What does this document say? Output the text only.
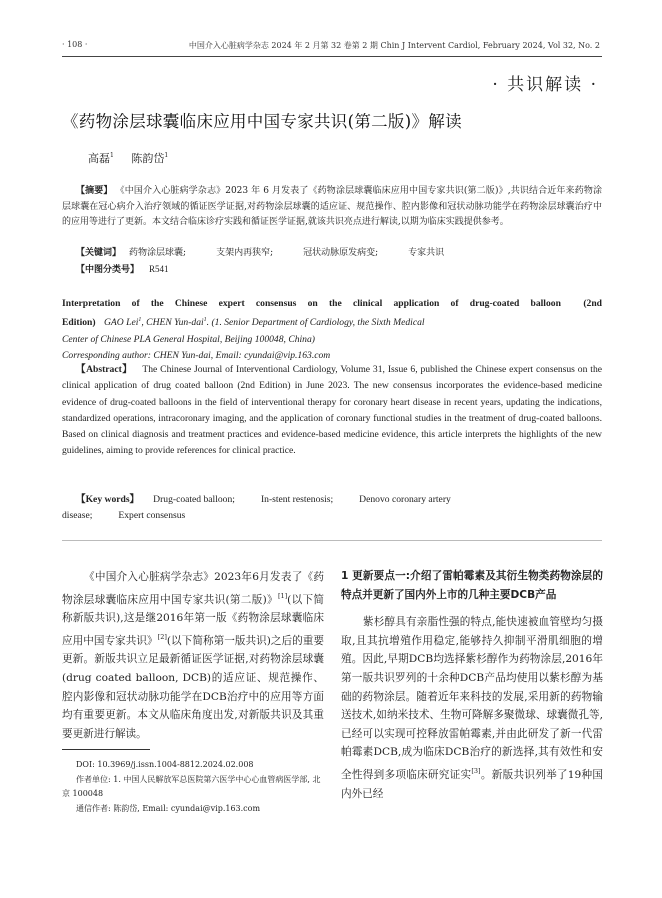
· 108 ·	中国介入心脏病学杂志 2024 年 2 月第 32 卷第 2 期 Chin J Intervent Cardiol, February 2024, Vol 32, No. 2
· 共识解读 ·
《药物涂层球囊临床应用中国专家共识(第二版)》解读
高磊$^1$ 陈韵岱$^1$
【摘要】 《中国介入心脏病学杂志》2023 年 6 月发表了《药物涂层球囊临床应用中国专家共识(第二版)》,共识结合近年来药物涂层球囊在冠心病介入治疗领域的循证医学证据,对药物涂层球囊的适应证、规范操作、腔内影像和冠状动脉功能学在药物涂层球囊治疗中的应用等进行了更新。本文结合临床诊疗实践和循证医学证据,就该共识亮点进行解读,以期为临床实践提供参考。
【关键词】 药物涂层球囊;	支架内再狭窄;	冠状动脉原发病变;	专家共识
【中图分类号】 R541
Interpretation of the Chinese expert consensus on the clinical application of drug-coated balloon  (2nd
Edition) GAO Lei$^1$, CHEN Yun-dai$^1$. (1. Senior Department of Cardiology, the Sixth Medical
Center of Chinese PLA General Hospital, Beijing 100048, China)
Corresponding author: CHEN Yun-dai, Email: cyundai@vip.163.com
【Abstract】 The Chinese Journal of Interventional Cardiology, Volume 31, Issue 6, published the Chinese expert consensus on the clinical application of drug coated balloon (2nd Edition) in June 2023. The new consensus incorporates the evidence-based medicine evidence of drug-coated balloons in the field of interventional therapy for coronary heart disease in recent years, updating the indications, standardized operations, intracoronary imaging, and the application of coronary functional studies in the treatment of drug-coated balloons. Based on clinical diagnosis and treatment practices and evidence-based medicine evidence, this article interprets the highlights of the new guidelines, aiming to provide references for clinical practice.
【Key words】 Drug-coated balloon;	In-stent restenosis;	Denovo coronary artery
disease;	Expert consensus

《中国介入心脏病学杂志》2023年6月发表了《药物涂层球囊临床应用中国专家共识(第二版)》[1](以下简称新版共识),这是继2016年第一版《药物涂层球囊临床应用中国专家共识》[2](以下简称第一版共识)之后的重要更新。新版共识立足最新循证医学证据,对药物涂层球囊(drug coated balloon, DCB)的适应证、规范操作、腔内影像和冠状动脉功能学在DCB治疗中的应用等方面均有重要更新。本文从临床角度出发,对新版共识及其重要更新进行解读。

DOI: 10.3969/j.issn.1004-8812.2024.02.008
作者单位: 1. 中国人民解放军总医院第六医学中心心血管病医学部, 北京 100048
通信作者: 陈韵岱, Email: cyundai@vip.163.com
1 更新要点一:介绍了雷帕霉素及其衍生物类药物涂层的特点并更新了国内外上市的几种主要DCB产品

紫杉醇具有亲脂性强的特点,能快速被血管壁均匀摄取,且其抗增殖作用稳定,能够持久抑制平滑肌细胞的增殖。因此,早期DCB均选择紫杉醇作为药物涂层,2016年第一版共识罗列的十余种DCB产品均使用以紫杉醇为基础的药物涂层。随着近年来科技的发展,采用新的药物输送技术,如纳米技术、生物可降解多聚微球、球囊微孔等,已经可以实现可控释放雷帕霉素,并由此研发了新一代雷帕霉素DCB,成为临床DCB治疗的新选择,其有效性和安全性得到多项临床研究证实[3]。新版共识列举了19种国内外已经
